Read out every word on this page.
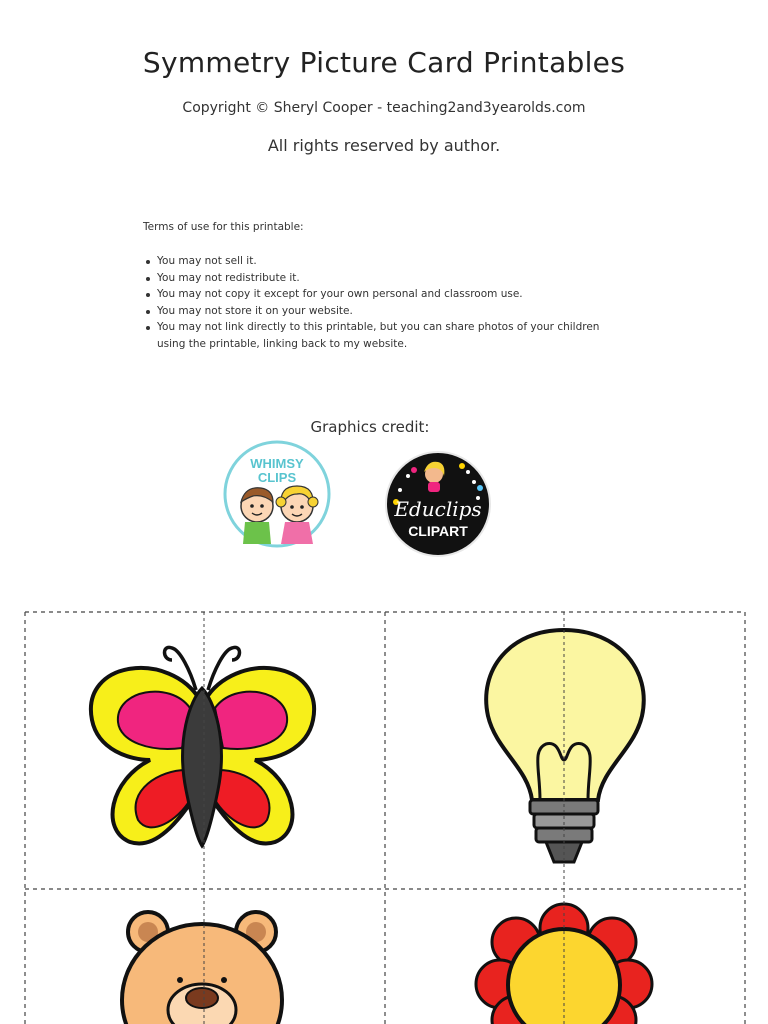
Symmetry Picture Card Printables
Copyright © Sheryl Cooper - teaching2and3yearolds.com
All rights reserved by author.
Terms of use for this printable:
You may not sell it.
You may not redistribute it.
You may not copy it except for your own personal and classroom use.
You may not store it on your website.
You may not link directly to this printable, but you can share photos of your children using the printable, linking back to my website.
Graphics credit:
WHIMSY
CLIPS
Educlips
CLIPART
